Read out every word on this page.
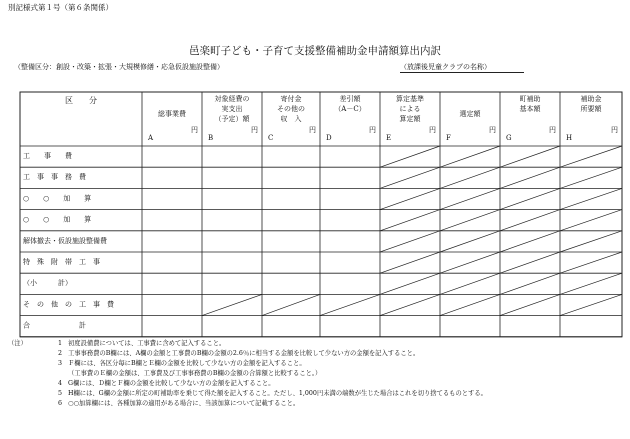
別記様式第１号（第６条関係）
邑楽町子ども・子育て支援整備補助金申請額算出内訳
（整備区分：創設・改築・拡張・大規模修繕・応急仮設施設整備）	（放課後児童クラブの名称）
区　　分
総事業費
A
円
対象経費の
実支出
（予定）額
B
円
寄付金
その他の
収　入
C
円
差引額
（A－C）
D
円
算定基準
による
算定額
E
円
選定額
F
円
町補助
基本額
G
円
補助金
所要額
H
円
工　　事　　費
工　事　事　務　費
○　　○　　加　　算
○　　○　　加　　算
解体撤去・仮設施設整備費
特　殊　附　帯　工　事
（小　　　計）
そ　の　他　の　工　事　費
合　　　　　　　計
（注）	1 初度設備費については、工事費に含めて記入すること。
2 工事事務費のB欄には、A欄の金額と工事費のB欄の金額の2.6％に相当する金額を比較して少ない方の金額を記入すること。
3 Ｆ欄には、各区分毎にB欄とＥ欄の金額を比較して少ない方の金額を記入すること。
（工事費のＥ欄の金額は、工事費及び工事事務費のB欄の金額の合算額と比較すること。）
4 G欄には、Ｄ欄とＦ欄の金額を比較して少ない方の金額を記入すること。
5 H欄には、G欄の金額に所定の町補助率を乗じて得た額を記入すること。ただし、1,000円未満の端数が生じた場合はこれを切り捨てるものとする。
6 ○○加算欄には、各種加算の適用がある場合に、当該加算について記載すること。
